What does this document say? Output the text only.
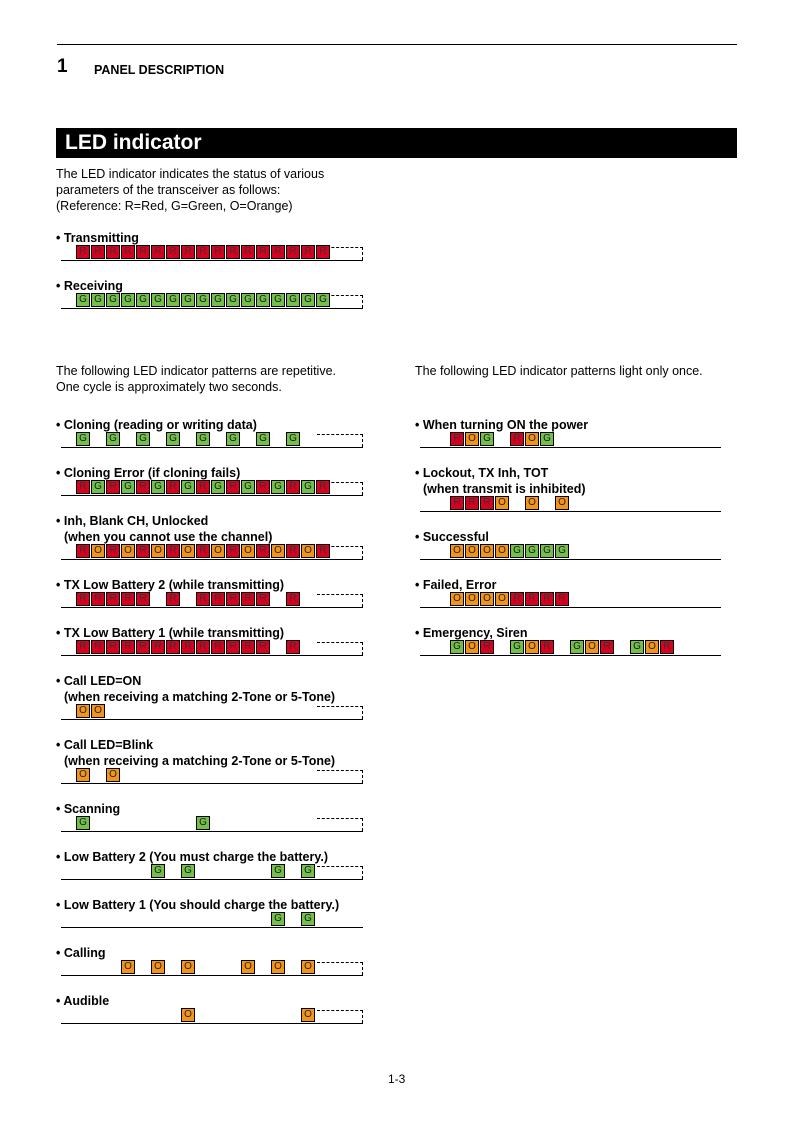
1 PANEL DESCRIPTION
LED indicator
The LED indicator indicates the status of various
parameters of the transceiver as follows:
(Reference: R=Red, G=Green, O=Orange)
The following LED indicator patterns are repetitive.
One cycle is approximately two seconds.
The following LED indicator patterns light only once.
• Transmitting
R R R R R R R R R R R R R R R R R
• Receiving
G G G G G G G G G G G G G G G G G
• Cloning (reading or writing data)
G	G	G	G	G	G	G	G
• Cloning Error (if cloning fails)
R G R G R G R G R G R G R G R G R
• Inh, Blank CH, Unlocked
(when you cannot use the channel)
R O R O R O R O R O R O R O R O R
• TX Low Battery 2 (while transmitting)
R R R R R	R	R R R R R	R
• TX Low Battery 1 (while transmitting)
R R R R R R R R R R R R R	R
• Call LED=ON
(when receiving a matching 2-Tone or 5-Tone)
O O
• Call LED=Blink
(when receiving a matching 2-Tone or 5-Tone)
O	O
• Scanning
G	G
• Low Battery 2 (You must charge the battery.)
G	G	G	G
• Low Battery 1 (You should charge the battery.)
G	G
• Calling
O	O	O	O	O	O
• Audible
O	O
• When turning ON the power
R O G	R O G
• Lockout, TX Inh, TOT
(when transmit is inhibited)
R R R O	O	O
• Successful
O O O O G G G G
• Failed, Error
O O O O R R R R
• Emergency, Siren
G O R	G O R	G O R	G O R
1-3
